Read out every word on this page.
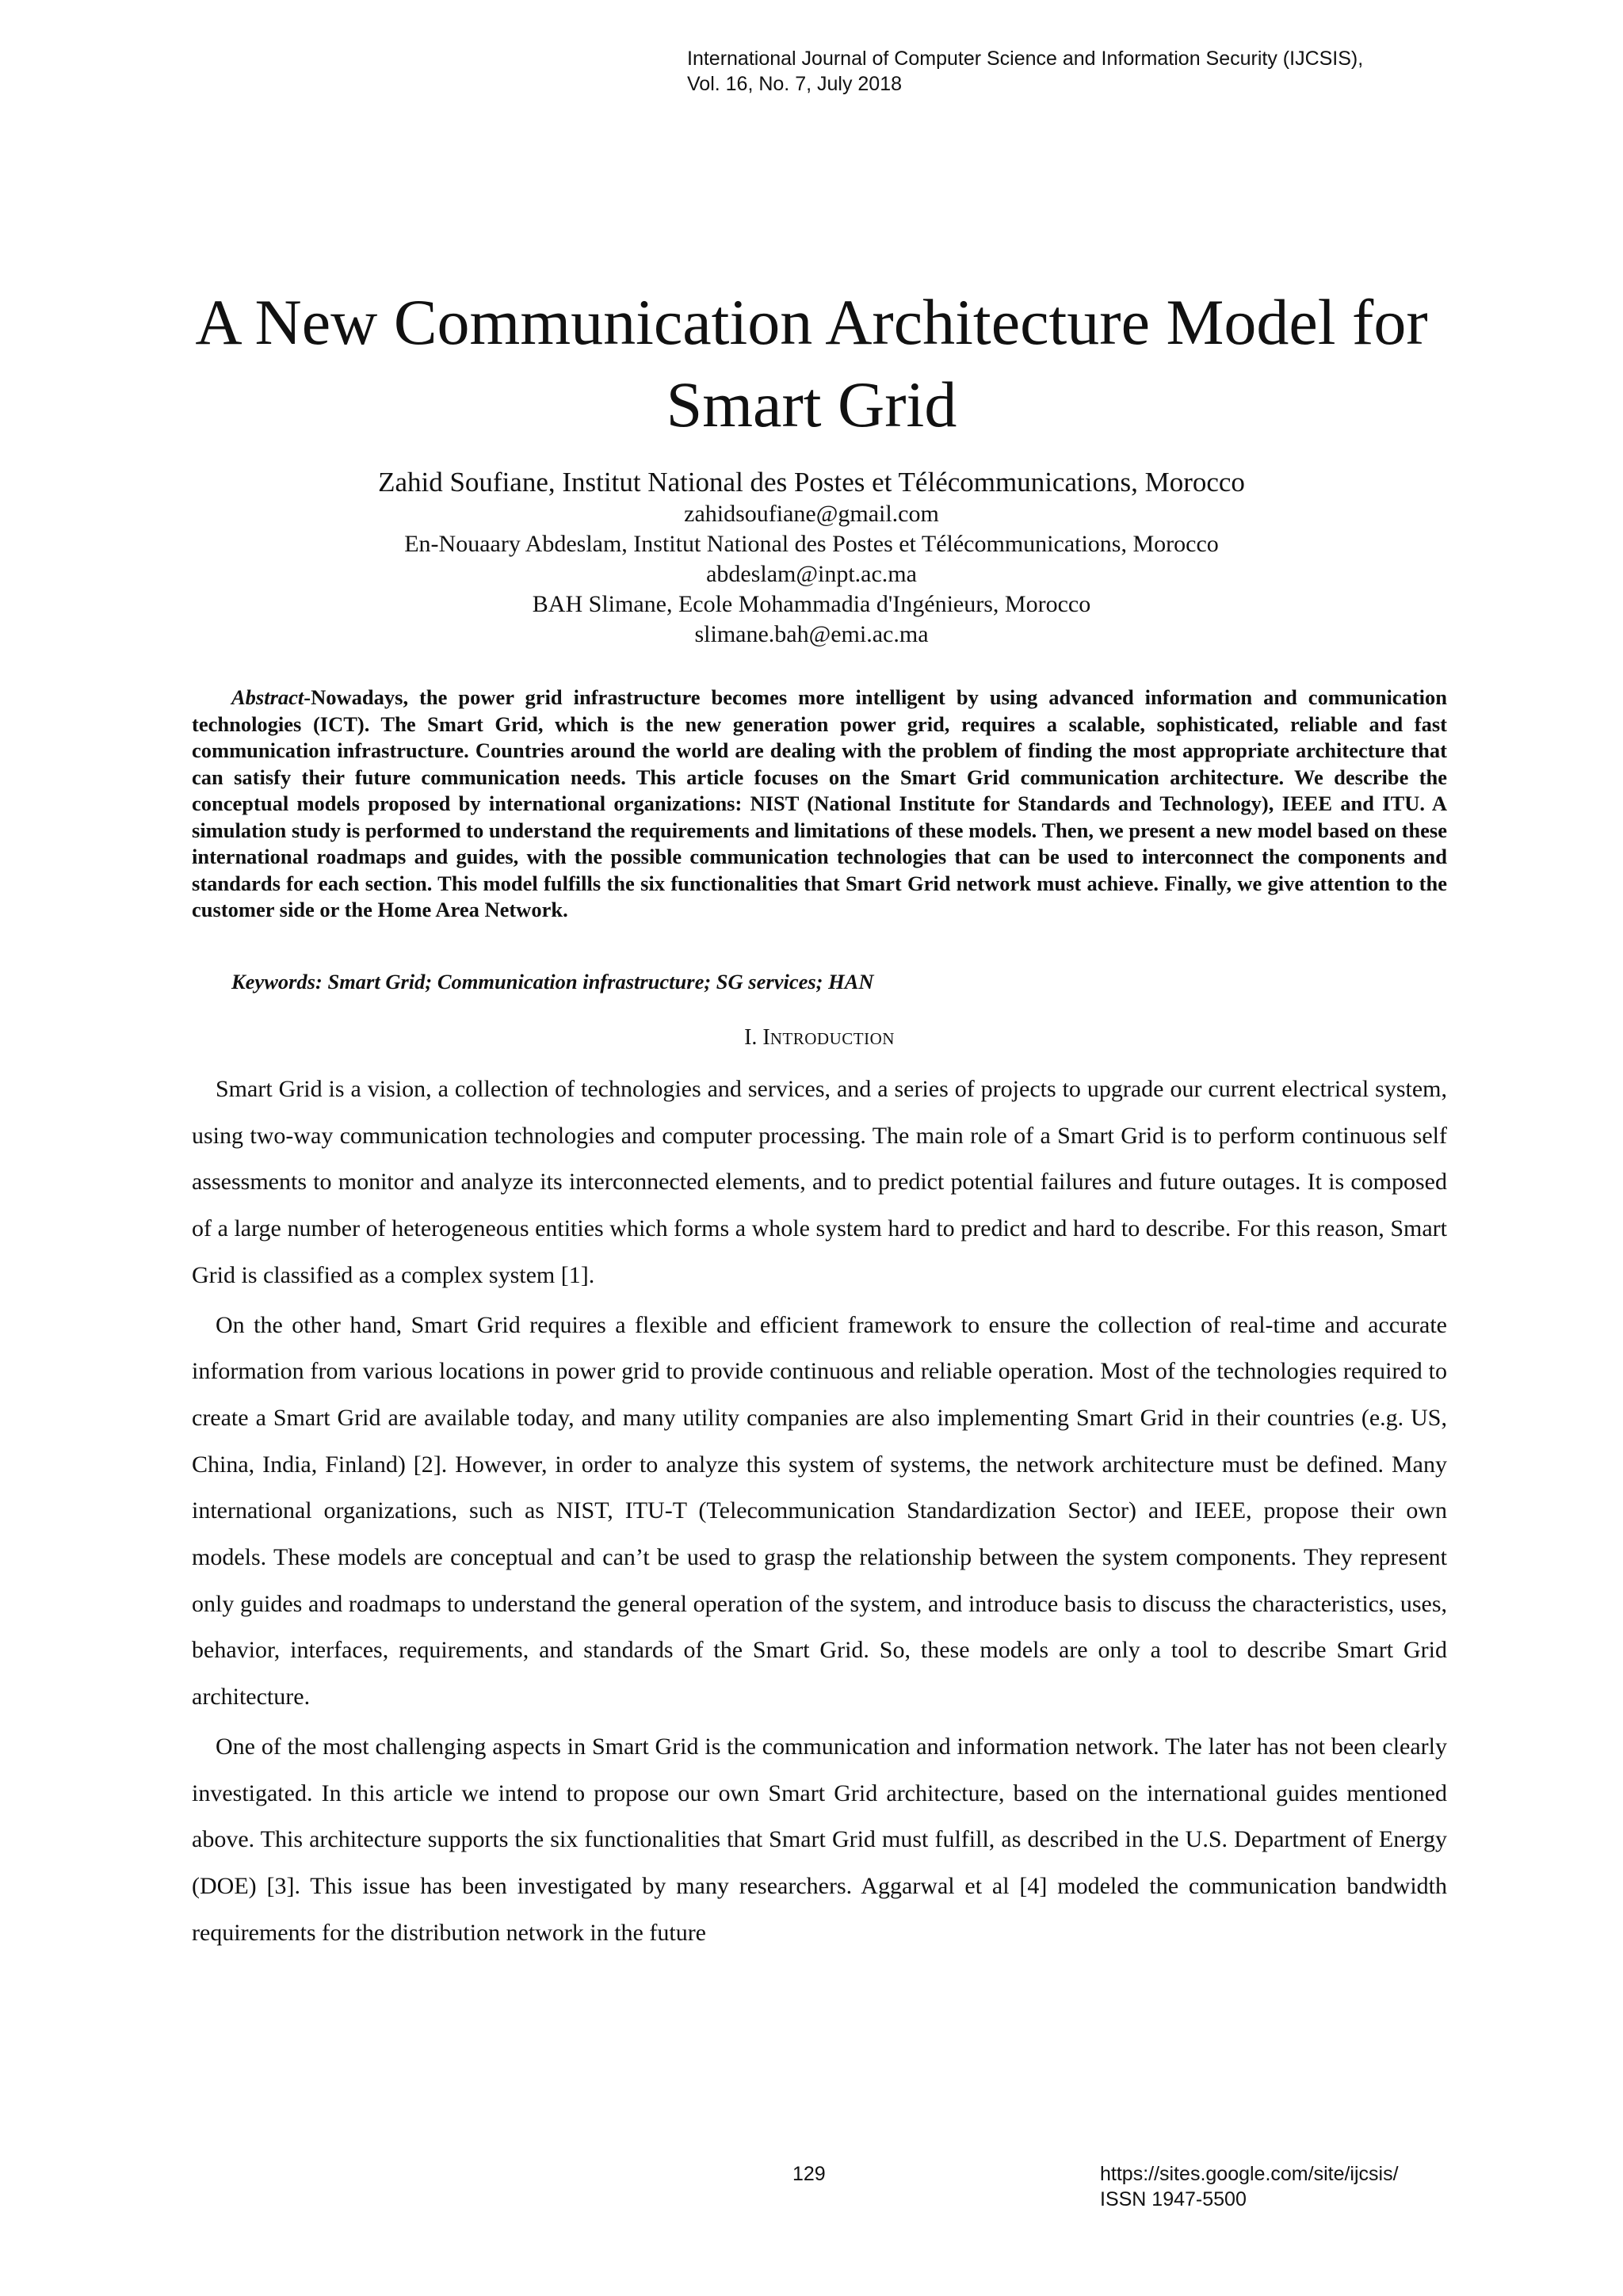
International Journal of Computer Science and Information Security (IJCSIS),
Vol. 16, No. 7, July 2018
A New Communication Architecture Model for
Smart Grid
Zahid Soufiane, Institut National des Postes et Télécommunications, Morocco
zahidsoufiane@gmail.com
En-Nouaary Abdeslam, Institut National des Postes et Télécommunications, Morocco
abdeslam@inpt.ac.ma
BAH Slimane, Ecole Mohammadia d'Ingénieurs, Morocco
slimane.bah@emi.ac.ma

Abstract-Nowadays, the power grid infrastructure becomes more intelligent by using advanced information and communication technologies (ICT). The Smart Grid, which is the new generation power grid, requires a scalable, sophisticated, reliable and fast communication infrastructure. Countries around the world are dealing with the problem of finding the most appropriate architecture that can satisfy their future communication needs. This article focuses on the Smart Grid communication architecture. We describe the conceptual models proposed by international organizations: NIST (National Institute for Standards and Technology), IEEE and ITU. A simulation study is performed to understand the requirements and limitations of these models. Then, we present a new model based on these international roadmaps and guides, with the possible communication technologies that can be used to interconnect the components and standards for each section. This model fulfills the six functionalities that Smart Grid network must achieve. Finally, we give attention to the customer side or the Home Area Network.

Keywords: Smart Grid; Communication infrastructure; SG services; HAN

I. INTRODUCTION

Smart Grid is a vision, a collection of technologies and services, and a series of projects to upgrade our current electrical system, using two-way communication technologies and computer processing. The main role of a Smart Grid is to perform continuous self assessments to monitor and analyze its interconnected elements, and to predict potential failures and future outages. It is composed of a large number of heterogeneous entities which forms a whole system hard to predict and hard to describe. For this reason, Smart Grid is classified as a complex system [1].

On the other hand, Smart Grid requires a flexible and efficient framework to ensure the collection of real-time and accurate information from various locations in power grid to provide continuous and reliable operation. Most of the technologies required to create a Smart Grid are available today, and many utility companies are also implementing Smart Grid in their countries (e.g. US, China, India, Finland) [2]. However, in order to analyze this system of systems, the network architecture must be defined. Many international organizations, such as NIST, ITU-T (Telecommunication Standardization Sector) and IEEE, propose their own models. These models are conceptual and can’t be used to grasp the relationship between the system components. They represent only guides and roadmaps to understand the general operation of the system, and introduce basis to discuss the characteristics, uses, behavior, interfaces, requirements, and standards of the Smart Grid. So, these models are only a tool to describe Smart Grid architecture.

One of the most challenging aspects in Smart Grid is the communication and information network. The later has not been clearly investigated. In this article we intend to propose our own Smart Grid architecture, based on the international guides mentioned above. This architecture supports the six functionalities that Smart Grid must fulfill, as described in the U.S. Department of Energy (DOE) [3]. This issue has been investigated by many researchers. Aggarwal et al [4] modeled the communication bandwidth requirements for the distribution network in the future

129	https://sites.google.com/site/ijcsis/
ISSN 1947-5500
